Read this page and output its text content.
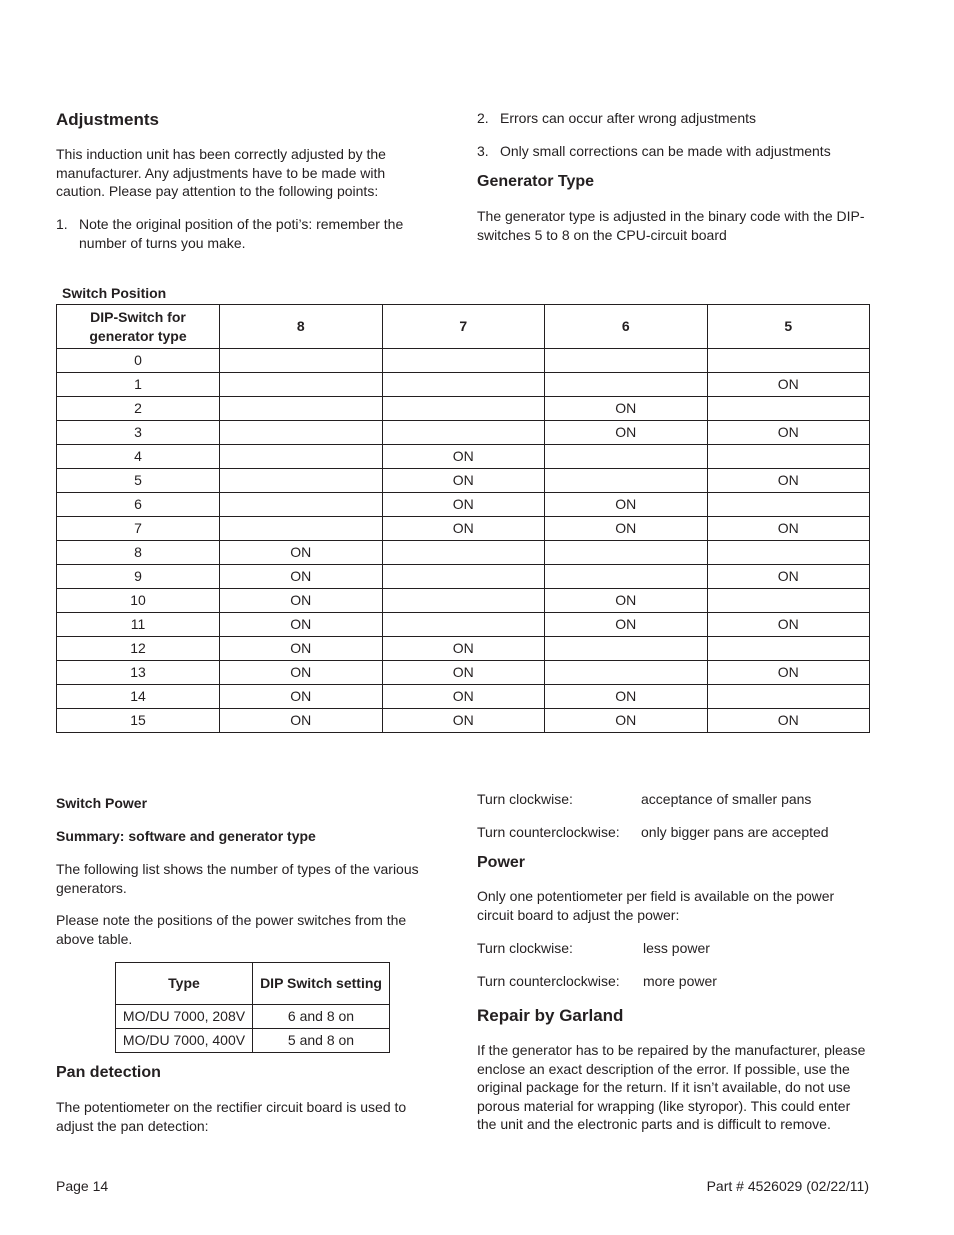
Adjustments

This induction unit has been correctly adjusted by the manufacturer. Any adjustments have to be made with caution. Please pay attention to the following points:

1. Note the original position of the poti’s: remember the number of turns you make.
2. Errors can occur after wrong adjustments
3. Only small corrections can be made with adjustments
Generator Type

The generator type is adjusted in the binary code with the DIP-switches 5 to 8 on the CPU-circuit board

Switch Position
DIP-Switch for generator type	8	7	6	5
0				
1				ON
2			ON	
3			ON	ON
4		ON		
5		ON		ON
6		ON	ON	
7		ON	ON	ON
8	ON			
9	ON			ON
10	ON		ON	
11	ON		ON	ON
12	ON	ON		
13	ON	ON		ON
14	ON	ON	ON	
15	ON	ON	ON	ON
Switch Power
Summary: software and generator type

The following list shows the number of types of the various generators.

Please note the positions of the power switches from the above table.

Type	DIP Switch setting
MO/DU 7000, 208V	6 and 8 on
MO/DU 7000, 400V	5 and 8 on
Pan detection

The potentiometer on the rectifier circuit board is used to adjust the pan detection:

Turn clockwise:	acceptance of smaller pans
Turn counterclockwise:	only bigger pans are accepted
Power

Only one potentiometer per field is available on the power circuit board to adjust the power:

Turn clockwise:	less power
Turn counterclockwise:	more power
Repair by Garland

If the generator has to be repaired by the manufacturer, please enclose an exact description of the error. If possible, use the original package for the return. If it isn’t available, do not use porous material for wrapping (like styropor). This could enter the unit and the electronic parts and is difficult to remove.

Page 14	Part # 4526029 (02/22/11)
